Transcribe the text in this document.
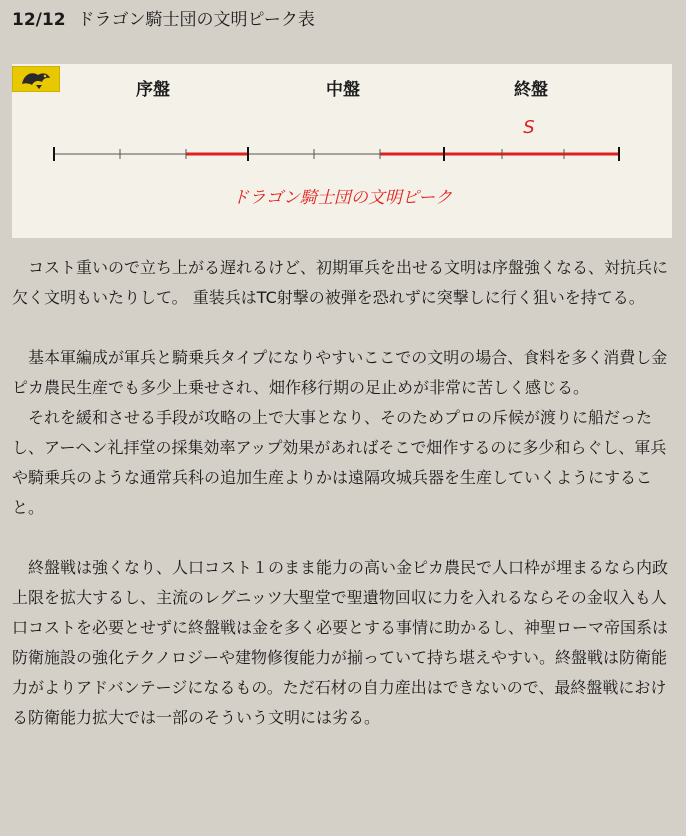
12/12 ドラゴン騎士団の文明ピーク表
序盤	中盤	終盤
S
ドラゴン騎士団の文明ピーク

コスト重いので立ち上がる遅れるけど、初期軍兵を出せる文明は序盤強くなる、対抗兵に欠く文明もいたりして。 重装兵はTC射撃の被弾を恐れずに突撃しに行く狙いを持てる。

基本軍編成が軍兵と騎乗兵タイプになりやすいここでの文明の場合、食料を多く消費し金ピカ農民生産でも多少上乗せされ、畑作移行期の足止めが非常に苦しく感じる。

それを緩和させる手段が攻略の上で大事となり、そのためプロの斥候が渡りに船だったし、アーヘン礼拝堂の採集効率アップ効果があればそこで畑作するのに多少和らぐし、軍兵や騎乗兵のような通常兵科の追加生産よりかは遠隔攻城兵器を生産していくようにすること。

終盤戦は強くなり、人口コスト１のまま能力の高い金ピカ農民で人口枠が埋まるなら内政上限を拡大するし、主流のレグニッツ大聖堂で聖遺物回収に力を入れるならその金収入も人口コストを必要とせずに終盤戦は金を多く必要とする事情に助かるし、神聖ローマ帝国系は防衛施設の強化テクノロジーや建物修復能力が揃っていて持ち堪えやすい。終盤戦は防衛能力がよりアドバンテージになるもの。ただ石材の自力産出はできないので、最終盤戦における防衛能力拡大では一部のそういう文明には劣る。
